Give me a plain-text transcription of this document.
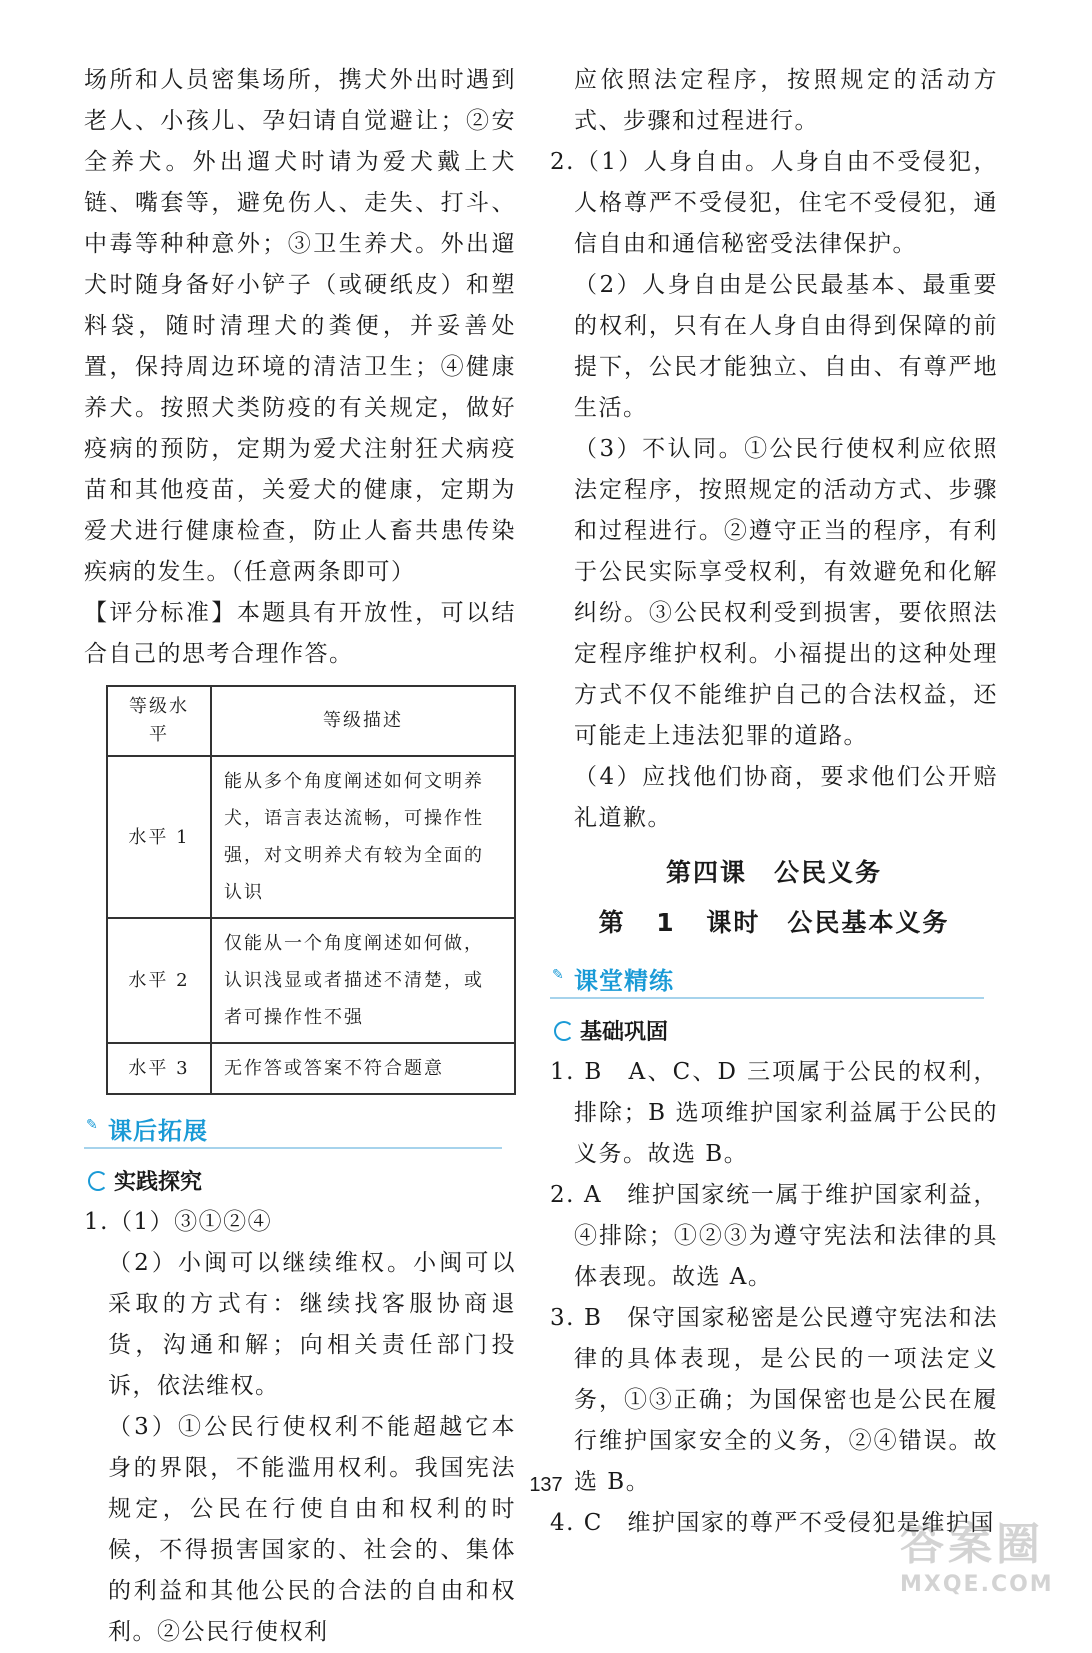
场所和人员密集场所，携犬外出时遇到老人、小孩儿、孕妇请自觉避让；②安全养犬。外出遛犬时请为爱犬戴上犬链、嘴套等，避免伤人、走失、打斗、中毒等种种意外；③卫生养犬。外出遛犬时随身备好小铲子（或硬纸皮）和塑料袋，随时清理犬的粪便，并妥善处置，保持周边环境的清洁卫生；④健康养犬。按照犬类防疫的有关规定，做好疫病的预防，定期为爱犬注射狂犬病疫苗和其他疫苗，关爱犬的健康，定期为爱犬进行健康检查，防止人畜共患传染疾病的发生。（任意两条即可）

【评分标准】本题具有开放性，可以结合自己的思考合理作答。

等级水平	等级描述
水平 1	能从多个角度阐述如何文明养犬，语言表达流畅，可操作性强，对文明养犬有较为全面的认识
水平 2	仅能从一个角度阐述如何做，认识浅显或者描述不清楚，或者可操作性不强
水平 3	无作答或答案不符合题意
✎ 课后拓展
实践探究

1.（1）③①②④

（2）小闽可以继续维权。小闽可以采取的方式有：继续找客服协商退货，沟通和解；向相关责任部门投诉，依法维权。

（3）①公民行使权利不能超越它本身的界限，不能滥用权利。我国宪法规定，公民在行使自由和权利的时候，不得损害国家的、社会的、集体的利益和其他公民的合法的自由和权利。②公民行使权利

应依照法定程序，按照规定的活动方式、步骤和过程进行。

2.（1）人身自由。人身自由不受侵犯，人格尊严不受侵犯，住宅不受侵犯，通信自由和通信秘密受法律保护。

（2）人身自由是公民最基本、最重要的权利，只有在人身自由得到保障的前提下，公民才能独立、自由、有尊严地生活。

（3）不认同。①公民行使权利应依照法定程序，按照规定的活动方式、步骤和过程进行。②遵守正当的程序，有利于公民实际享受权利，有效避免和化解纠纷。③公民权利受到损害，要依照法定程序维护权利。小福提出的这种处理方式不仅不能维护自己的合法权益，还可能走上违法犯罪的道路。

（4）应找他们协商，要求他们公开赔礼道歉。

第四课　公民义务
第 1 课时　公民基本义务
✎ 课堂精练
基础巩固

1. B　A、C、D 三项属于公民的权利，排除；B 选项维护国家利益属于公民的义务。故选 B。

2. A　维护国家统一属于维护国家利益，④排除；①②③为遵守宪法和法律的具体表现。故选 A。

3. B　保守国家秘密是公民遵守宪法和法律的具体表现，是公民的一项法定义务，①③正确；为国保密也是公民在履行维护国家安全的义务，②④错误。故选 B。

4. C　维护国家的尊严不受侵犯是维护国

137
答案圈
MXQE.COM
